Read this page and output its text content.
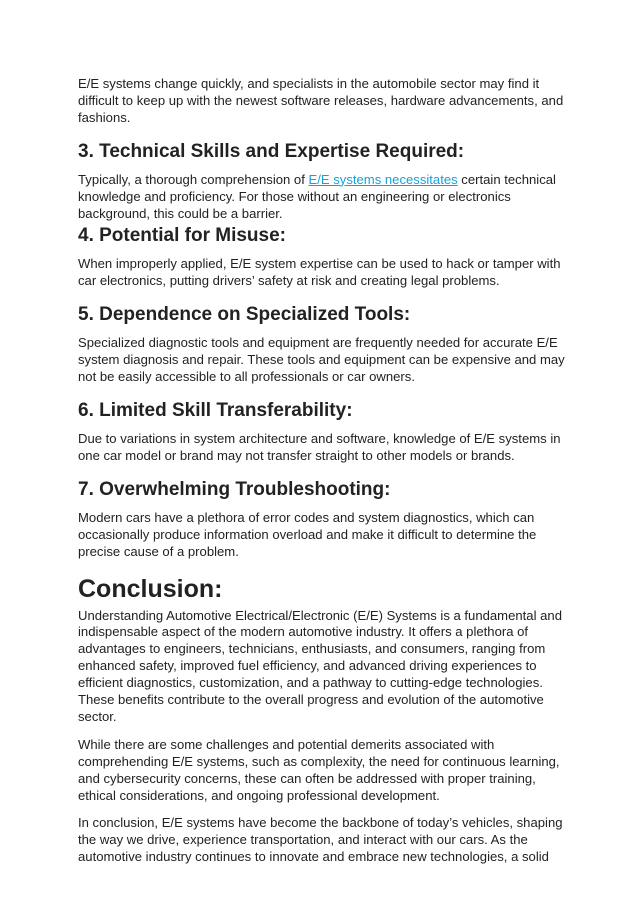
E/E systems change quickly, and specialists in the automobile sector may find it difficult to keep up with the newest software releases, hardware advancements, and fashions.

3. Technical Skills and Expertise Required:

Typically, a thorough comprehension of E/E systems necessitates certain technical knowledge and proficiency. For those without an engineering or electronics background, this could be a barrier.

4. Potential for Misuse:

When improperly applied, E/E system expertise can be used to hack or tamper with car electronics, putting drivers’ safety at risk and creating legal problems.

5. Dependence on Specialized Tools:

Specialized diagnostic tools and equipment are frequently needed for accurate E/E system diagnosis and repair. These tools and equipment can be expensive and may not be easily accessible to all professionals or car owners.

6. Limited Skill Transferability:

Due to variations in system architecture and software, knowledge of E/E systems in one car model or brand may not transfer straight to other models or brands.

7. Overwhelming Troubleshooting:

Modern cars have a plethora of error codes and system diagnostics, which can occasionally produce information overload and make it difficult to determine the precise cause of a problem.

Conclusion:

Understanding Automotive Electrical/Electronic (E/E) Systems is a fundamental and indispensable aspect of the modern automotive industry. It offers a plethora of advantages to engineers, technicians, enthusiasts, and consumers, ranging from enhanced safety, improved fuel efficiency, and advanced driving experiences to efficient diagnostics, customization, and a pathway to cutting-edge technologies. These benefits contribute to the overall progress and evolution of the automotive sector.

While there are some challenges and potential demerits associated with comprehending E/E systems, such as complexity, the need for continuous learning, and cybersecurity concerns, these can often be addressed with proper training, ethical considerations, and ongoing professional development.

In conclusion, E/E systems have become the backbone of today’s vehicles, shaping the way we drive, experience transportation, and interact with our cars. As the automotive industry continues to innovate and embrace new technologies, a solid
